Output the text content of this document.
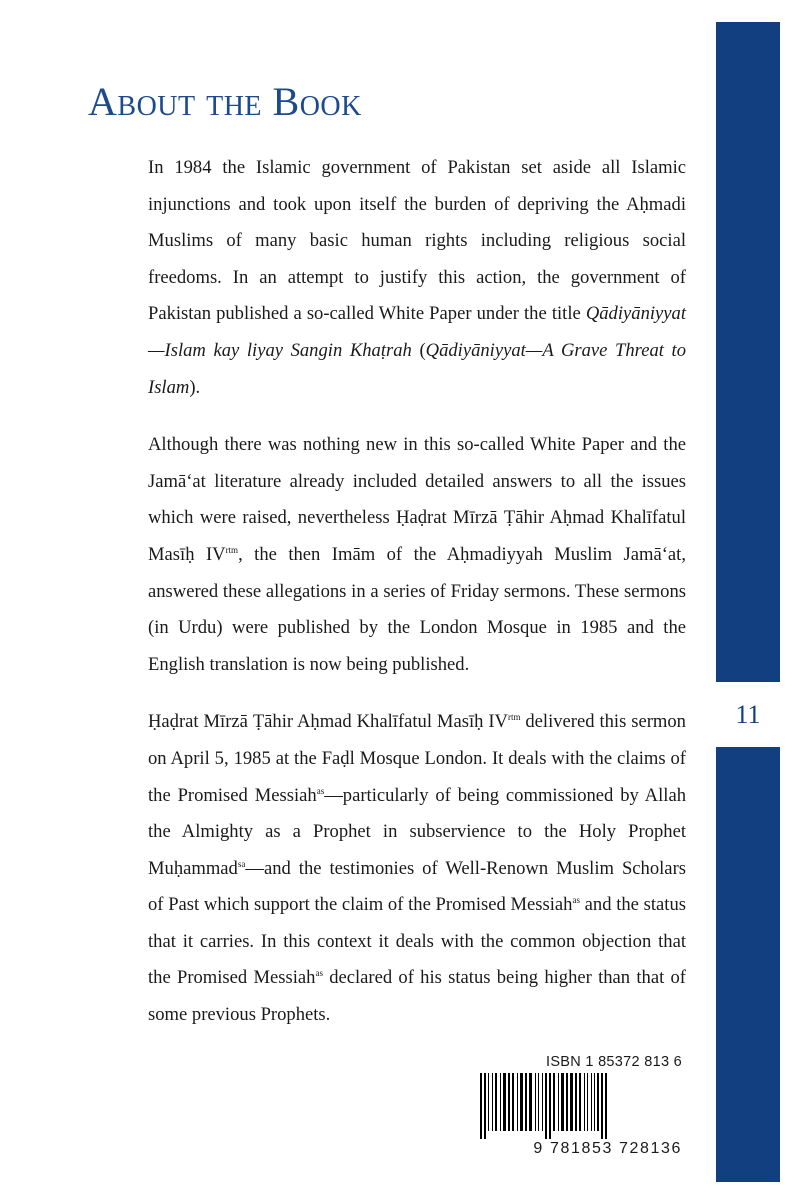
About the Book

In 1984 the Islamic government of Pakistan set aside all Islamic injunctions and took upon itself the burden of depriving the Aḥmadi Muslims of many basic human rights including religious social freedoms. In an attempt to justify this action, the government of Pakistan published a so-called White Paper under the title Qādiyāniyyat—Islam kay liyay Sangin Khaṭrah (Qādiyāniyyat—A Grave Threat to Islam).

Although there was nothing new in this so-called White Paper and the Jamā‘at literature already included detailed answers to all the issues which were raised, nevertheless Ḥaḍrat Mīrzā Ṭāhir Aḥmad Khalīfatul Masīḥ $IV^{rtm}$, the then Imām of the Aḥmadiyyah Muslim Jamā‘at, answered these allegations in a series of Friday sermons. These sermons (in Urdu) were published by the London Mosque in 1985 and the English translation is now being published.

Ḥaḍrat Mīrzā Ṭāhir Aḥmad Khalīfatul Masīḥ $IV^{rtm}$ delivered this sermon on April 5, 1985 at the Faḍl Mosque London. It deals with the claims of the Promised Messiah$^{as}$—particularly of being commissioned by Allah the Almighty as a Prophet in subservience to the Holy Prophet Muḥammad$^{sa}$—and the testimonies of Well-Renown Muslim Scholars of Past which support the claim of the Promised Messiah$^{as}$ and the status that it carries. In this context it deals with the common objection that the Promised Messiah$^{as}$ declared of his status being higher than that of some previous Prophets.

11
ISBN 1 85372 813 6
9 781853 728136
